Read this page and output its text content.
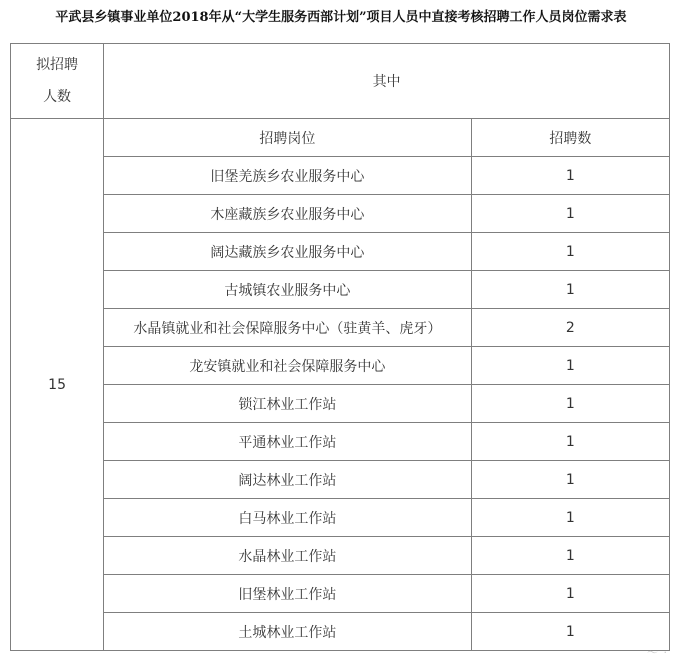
平武县乡镇事业单位2018年从“大学生服务西部计划”项目人员中直接考核招聘工作人员岗位需求表
拟招聘
人数	其中	
15	招聘岗位	招聘数
	旧堡羌族乡农业服务中心	1
	木座藏族乡农业服务中心	1
	阔达藏族乡农业服务中心	1
	古城镇农业服务中心	1
	水晶镇就业和社会保障服务中心（驻黄羊、虎牙）	2
	龙安镇就业和社会保障服务中心	1
	锁江林业工作站	1
	平通林业工作站	1
	阔达林业工作站	1
	白马林业工作站	1
	水晶林业工作站	1
	旧堡林业工作站	1
	土城林业工作站	1
～ ·
